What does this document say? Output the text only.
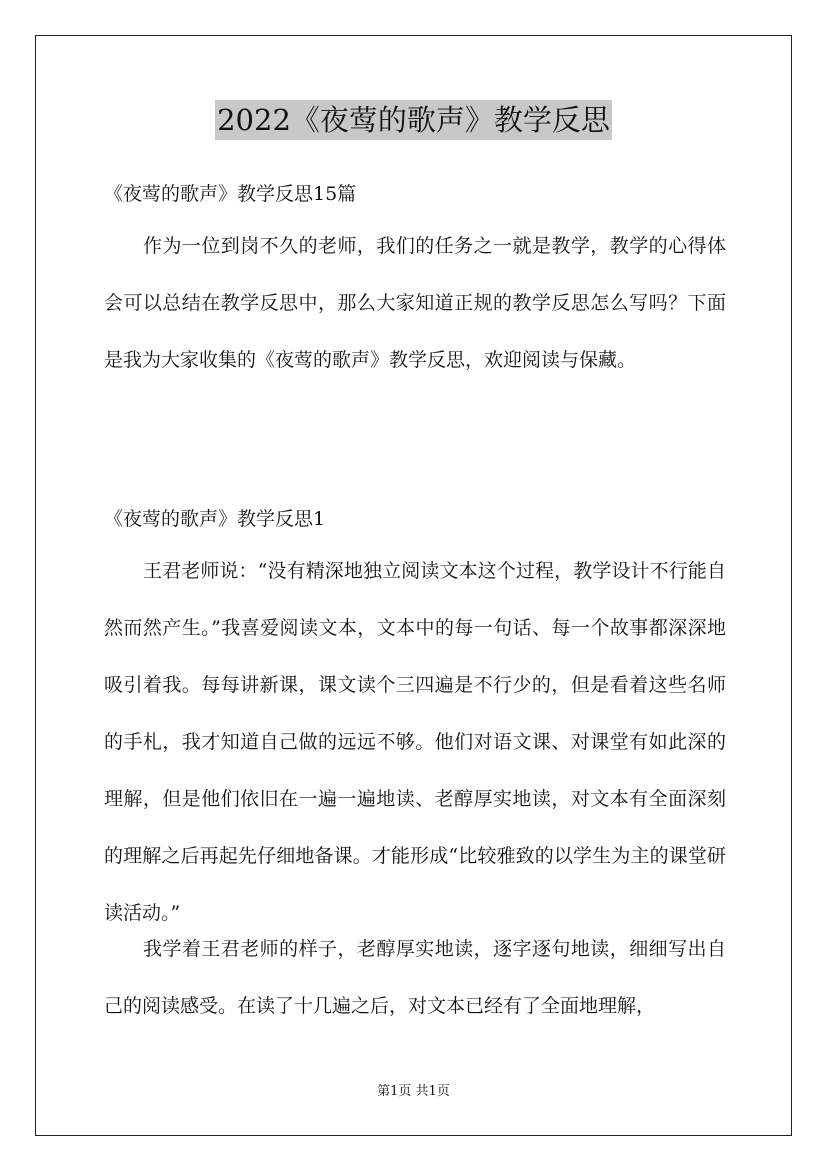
2022《夜莺的歌声》教学反思
《夜莺的歌声》教学反思15篇

作为一位到岗不久的老师，我们的任务之一就是教学，教学的心得体会可以总结在教学反思中，那么大家知道正规的教学反思怎么写吗？下面是我为大家收集的《夜莺的歌声》教学反思，欢迎阅读与保藏。

《夜莺的歌声》教学反思1

王君老师说：“没有精深地独立阅读文本这个过程，教学设计不行能自然而然产生。”我喜爱阅读文本，文本中的每一句话、每一个故事都深深地吸引着我。每每讲新课，课文读个三四遍是不行少的，但是看着这些名师的手札，我才知道自己做的远远不够。他们对语文课、对课堂有如此深的理解，但是他们依旧在一遍一遍地读、老醇厚实地读，对文本有全面深刻的理解之后再起先仔细地备课。才能形成“比较雅致的以学生为主的课堂研读活动。”

我学着王君老师的样子，老醇厚实地读，逐字逐句地读，细细写出自己的阅读感受。在读了十几遍之后，对文本已经有了全面地理解，

第1页 共1页
